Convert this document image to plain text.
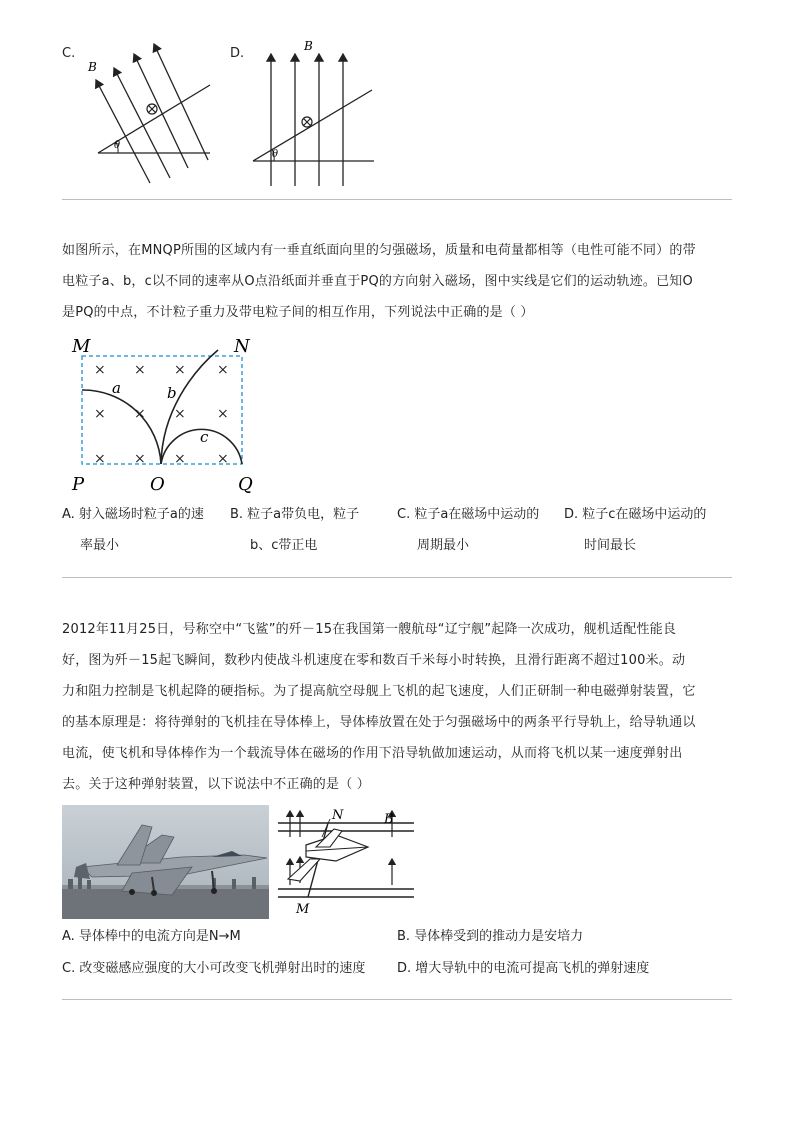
C.	D.
θ
B
θ
B
如图所示，在MNQP所围的区域内有一垂直纸面向里的匀强磁场，质量和电荷量都相等（电性可能不同）的带
电粒子a、b，c以不同的速率从O点沿纸面并垂直于PQ的方向射入磁场，图中实线是它们的运动轨迹。已知O
是PQ的中点，不计粒子重力及带电粒子间的相互作用，下列说法中正确的是（ ）
× × × ×
× × × ×
× × × ×
a	b
c
M	N
P	O	Q
A. 射入磁场时粒子a的速
率最小
B. 粒子a带负电，粒子
b、c带正电
C. 粒子a在磁场中运动的
周期最小
D. 粒子c在磁场中运动的
时间最长
2012年11月25日，号称空中“飞鲨”的歼－15在我国第一艘航母“辽宁舰”起降一次成功，舰机适配性能良
好，图为歼－15起飞瞬间，数秒内使战斗机速度在零和数百千米每小时转换，且滑行距离不超过100米。动
力和阻力控制是飞机起降的硬指标。为了提高航空母舰上飞机的起飞速度，人们正研制一种电磁弹射装置，它
的基本原理是：将待弹射的飞机挂在导体棒上，导体棒放置在处于匀强磁场中的两条平行导轨上，给导轨通以
电流，使飞机和导体棒作为一个载流导体在磁场的作用下沿导轨做加速运动，从而将飞机以某一速度弹射出
去。关于这种弹射装置，以下说法中不正确的是（ ）
N	B
M
A. 导体棒中的电流方向是N→M	B. 导体棒受到的推动力是安培力
C. 改变磁感应强度的大小可改变飞机弹射出时的速度 D. 增大导轨中的电流可提高飞机的弹射速度
